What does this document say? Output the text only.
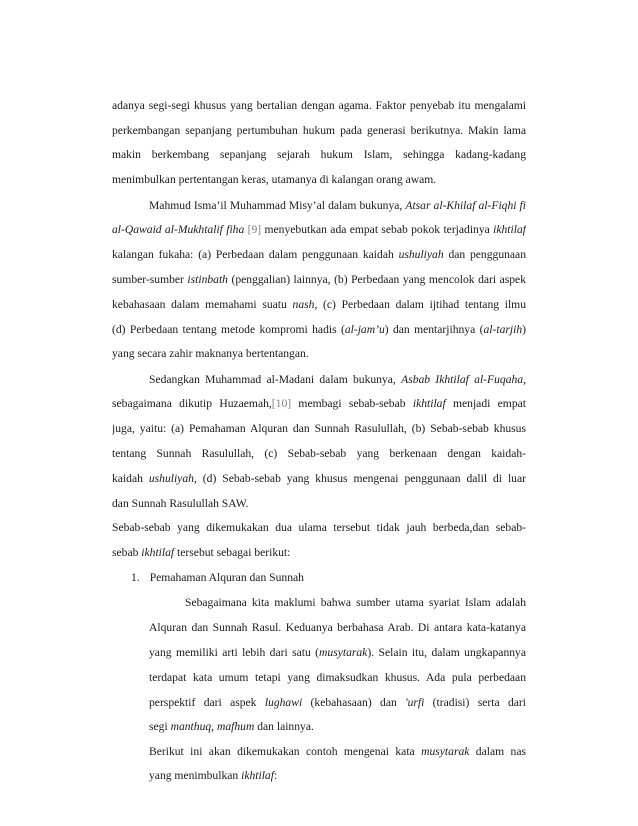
adanya segi-segi khusus yang bertalian dengan agama. Faktor penyebab itu mengalami
perkembangan sepanjang pertumbuhan hukum pada generasi berikutnya. Makin lama
makin berkembang sepanjang sejarah hukum Islam, sehingga kadang-kadang
menimbulkan pertentangan keras, utamanya di kalangan orang awam.
Mahmud Isma’il Muhammad Misy’al dalam bukunya, Atsar al-Khilaf al-Fiqhi fi
al-Qawaid al-Mukhtalif fiha [9] menyebutkan ada empat sebab pokok terjadinya ikhtilaf
kalangan fukaha: (a) Perbedaan dalam penggunaan kaidah ushuliyah dan penggunaan
sumber-sumber istinbath (penggalian) lainnya, (b) Perbedaan yang mencolok dari aspek
kebahasaan dalam memahami suatu nash, (c) Perbedaan dalam ijtihad tentang ilmu
(d) Perbedaan tentang metode kompromi hadis (al-jam’u) dan mentarjihnya (al-tarjih)
yang secara zahir maknanya bertentangan.
Sedangkan Muhammad al-Madani dalam bukunya, Asbab Ikhtilaf al-Fuqaha,
sebagaimana dikutip Huzaemah,[10] membagi sebab-sebab ikhtilaf menjadi empat
juga, yaitu: (a) Pemahaman Alquran dan Sunnah Rasulullah, (b) Sebab-sebab khusus
tentang Sunnah Rasulullah, (c) Sebab-sebab yang berkenaan dengan kaidah-
kaidah ushuliyah, (d) Sebab-sebab yang khusus mengenai penggunaan dalil di luar
dan Sunnah Rasulullah SAW.
Sebab-sebab yang dikemukakan dua ulama tersebut tidak jauh berbeda,dan sebab-
sebab ikhtilaf tersebut sebagai berikut:
1. Pemahaman Alquran dan Sunnah
Sebagaimana kita maklumi bahwa sumber utama syariat Islam adalah
Alquran dan Sunnah Rasul. Keduanya berbahasa Arab. Di antara kata-katanya
yang memiliki arti lebih dari satu (musytarak). Selain itu, dalam ungkapannya
terdapat kata umum tetapi yang dimaksudkan khusus. Ada pula perbedaan
perspektif dari aspek lughawi (kebahasaan) dan 'urfi (tradisi) serta dari
segi manthuq, mafhum dan lainnya.
Berikut ini akan dikemukakan contoh mengenai kata musytarak dalam nas
yang menimbulkan ikhtilaf:
